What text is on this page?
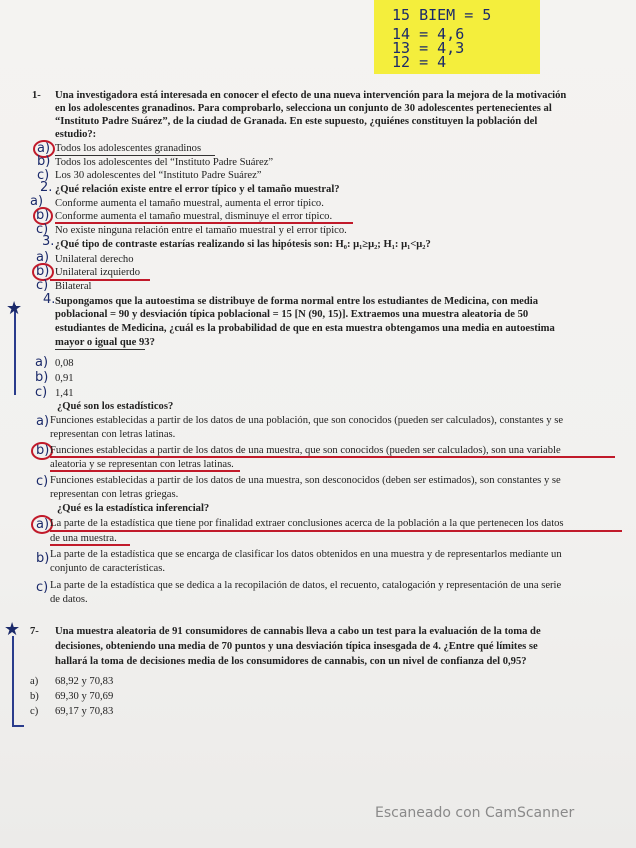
15 BIEM = 5
14 = 4,6
13 = 4,3
12 = 4
1- Una investigadora está interesada en conocer el efecto de una nueva intervención para la mejora de la motivación
en los adolescentes granadinos. Para comprobarlo, selecciona un conjunto de 30 adolescentes pertenecientes al
“Instituto Padre Suárez”, de la ciudad de Granada. En este supuesto, ¿quiénes constituyen la población del
estudio?:
a) Todos los adolescentes granadinos
b) Todos los adolescentes del “Instituto Padre Suárez”
c) Los 30 adolescentes del “Instituto Padre Suárez”
2. ¿Qué relación existe entre el error típico y el tamaño muestral?
a) Conforme aumenta el tamaño muestral, aumenta el error típico.
b) Conforme aumenta el tamaño muestral, disminuye el error típico.
c) No existe ninguna relación entre el tamaño muestral y el error típico.
3. ¿Qué tipo de contraste estarías realizando si las hipótesis son: H₀: μ₁≥μ₂; H₁: μ₁<μ₂?
a) Unilateral derecho
b) Unilateral izquierdo
c) Bilateral
★ 4. Supongamos que la autoestima se distribuye de forma normal entre los estudiantes de Medicina, con media
poblacional = 90 y desviación típica poblacional = 15 [N (90, 15)]. Extraemos una muestra aleatoria de 50
estudiantes de Medicina, ¿cuál es la probabilidad de que en esta muestra obtengamos una media en autoestima
mayor o igual que 93?
a) 0,08
b) 0,91
c) 1,41
¿Qué son los estadísticos?
a) Funciones establecidas a partir de los datos de una población, que son conocidos (pueden ser calculados), constantes y se
representan con letras latinas.
b) Funciones establecidas a partir de los datos de una muestra, que son conocidos (pueden ser calculados), son una variable
aleatoria y se representan con letras latinas.
c) Funciones establecidas a partir de los datos de una muestra, son desconocidos (deben ser estimados), son constantes y se
representan con letras griegas.
¿Qué es la estadística inferencial?
a) La parte de la estadística que tiene por finalidad extraer conclusiones acerca de la población a la que pertenecen los datos
de una muestra.
b) La parte de la estadística que se encarga de clasificar los datos obtenidos en una muestra y de representarlos mediante un
conjunto de características.
c) La parte de la estadística que se dedica a la recopilación de datos, el recuento, catalogación y representación de una serie
de datos.
★ 7- Una muestra aleatoria de 91 consumidores de cannabis lleva a cabo un test para la evaluación de la toma de
decisiones, obteniendo una media de 70 puntos y una desviación típica insesgada de 4. ¿Entre qué límites se
hallará la toma de decisiones media de los consumidores de cannabis, con un nivel de confianza del 0,95?
a) 68,92 y 70,83
b) 69,30 y 70,69
c) 69,17 y 70,83
Escaneado con CamScanner
